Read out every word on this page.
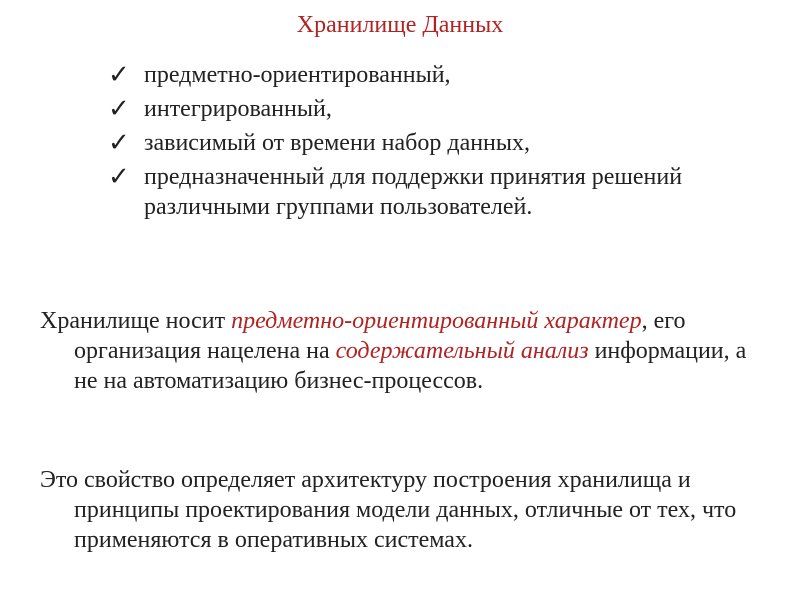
Хранилище Данных
✓ предметно-ориентированный,
✓ интегрированный,
✓ зависимый от времени набор данных,
✓ предназначенный для поддержки принятия решений различными группами пользователей.

Хранилище носит предметно-ориентированный характер, его организация нацелена на содержательный анализ информации, а не на автоматизацию бизнес-процессов.

Это свойство определяет архитектуру построения хранилища и принципы проектирования модели данных, отличные от тех, что применяются в оперативных системах.
